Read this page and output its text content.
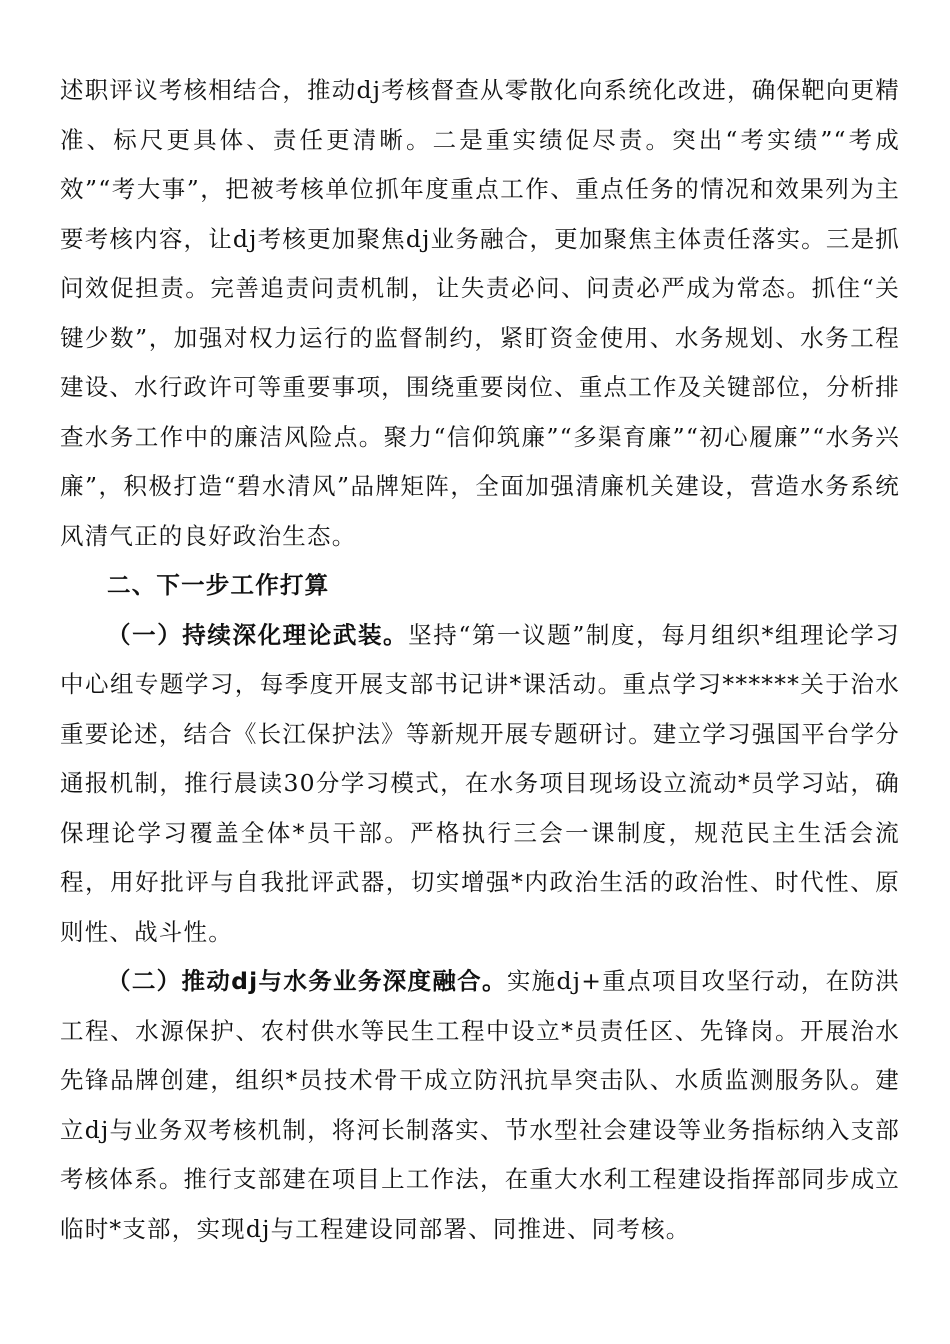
述职评议考核相结合，推动dj考核督查从零散化向系统化改进，确保靶向更精准、标尺更具体、责任更清晰。二是重实绩促尽责。突出“考实绩”“考成效”“考大事”，把被考核单位抓年度重点工作、重点任务的情况和效果列为主要考核内容，让dj考核更加聚焦dj业务融合，更加聚焦主体责任落实。三是抓问效促担责。完善追责问责机制，让失责必问、问责必严成为常态。抓住“关键少数”，加强对权力运行的监督制约，紧盯资金使用、水务规划、水务工程建设、水行政许可等重要事项，围绕重要岗位、重点工作及关键部位，分析排查水务工作中的廉洁风险点。聚力“信仰筑廉”“多渠育廉”“初心履廉”“水务兴廉”，积极打造“碧水清风”品牌矩阵，全面加强清廉机关建设，营造水务系统风清气正的良好政治生态。

二、下一步工作打算

（一）持续深化理论武装。坚持“第一议题”制度，每月组织*组理论学习中心组专题学习，每季度开展支部书记讲*课活动。重点学习******关于治水重要论述，结合《长江保护法》等新规开展专题研讨。建立学习强国平台学分通报机制，推行晨读30分学习模式，在水务项目现场设立流动*员学习站，确保理论学习覆盖全体*员干部。严格执行三会一课制度，规范民主生活会流程，用好批评与自我批评武器，切实增强*内政治生活的政治性、时代性、原则性、战斗性。

（二）推动dj与水务业务深度融合。实施dj+重点项目攻坚行动，在防洪工程、水源保护、农村供水等民生工程中设立*员责任区、先锋岗。开展治水先锋品牌创建，组织*员技术骨干成立防汛抗旱突击队、水质监测服务队。建立dj与业务双考核机制，将河长制落实、节水型社会建设等业务指标纳入支部考核体系。推行支部建在项目上工作法，在重大水利工程建设指挥部同步成立临时*支部，实现dj与工程建设同部署、同推进、同考核。
